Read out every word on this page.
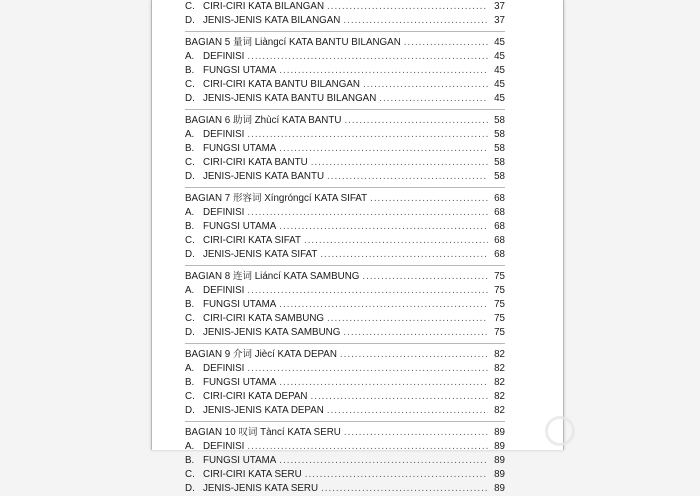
C. CIRI-CIRI KATA BILANGAN .....	37
D. JENIS-JENIS KATA BILANGAN .....	37
BAGIAN 5 量词 Liàngcí KATA BANTU BILANGAN .....	45
A. DEFINISI .....	45
B. FUNGSI UTAMA .....	45
C. CIRI-CIRI KATA BANTU BILANGAN .....	45
D. JENIS-JENIS KATA BANTU BILANGAN .....	45
BAGIAN 6 助词 Zhùcí KATA BANTU .....	58
A. DEFINISI .....	58
B. FUNGSI UTAMA .....	58
C. CIRI-CIRI KATA BANTU .....	58
D. JENIS-JENIS KATA BANTU .....	58
BAGIAN 7 形容词 Xíngróngcí KATA SIFAT .....	68
A. DEFINISI .....	68
B. FUNGSI UTAMA .....	68
C. CIRI-CIRI KATA SIFAT .....	68
D. JENIS-JENIS KATA SIFAT .....	68
BAGIAN 8 连词 Liáncí KATA SAMBUNG .....	75
A. DEFINISI .....	75
B. FUNGSI UTAMA .....	75
C. CIRI-CIRI KATA SAMBUNG .....	75
D. JENIS-JENIS KATA SAMBUNG .....	75
BAGIAN 9 介词 Jiècí KATA DEPAN .....	82
A. DEFINISI .....	82
B. FUNGSI UTAMA .....	82
C. CIRI-CIRI KATA DEPAN .....	82
D. JENIS-JENIS KATA DEPAN .....	82
BAGIAN 10 叹词 Tàncí KATA SERU .....	89
A. DEFINISI .....	89
B. FUNGSI UTAMA .....	89
C. CIRI-CIRI KATA SERU .....	89
D. JENIS-JENIS KATA SERU .....	89
